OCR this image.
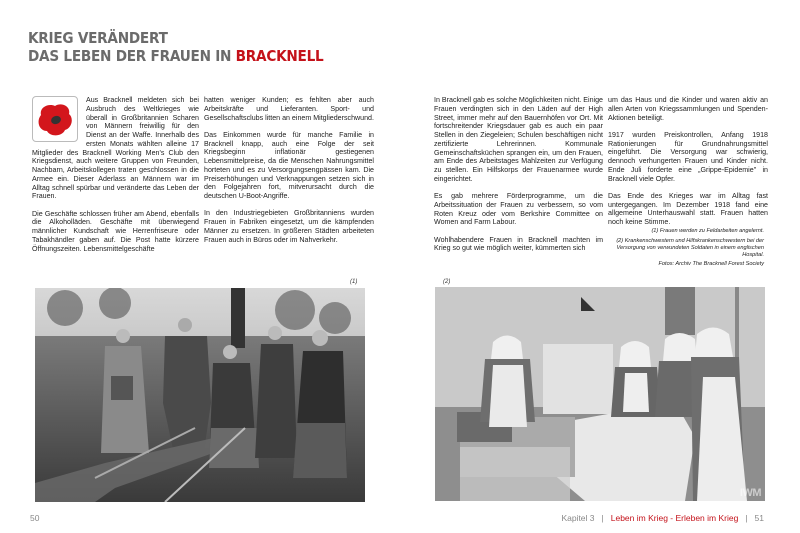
KRIEG VERÄNDERT
DAS LEBEN DER FRAUEN IN BRACKNELL

Aus Bracknell meldeten sich bei Ausbruch des Weltkrieges wie überall in Großbritannien Scharen von Männern freiwillig für den Dienst an der Waffe. Innerhalb des ersten Monats wählten alleine 17 Mitglieder des Bracknell Working Men's Club den Kriegsdienst, auch weitere Gruppen von Freunden, Nachbarn, Arbeitskollegen traten geschlossen in die Armee ein. Dieser Aderlass an Männern war im Alltag schnell spürbar und veränderte das Leben der Frauen.

Die Geschäfte schlossen früher am Abend, ebenfalls die Alkoholläden. Geschäfte mit überwiegend männlicher Kundschaft wie Herrenfriseure oder Tabakhändler gaben auf. Die Post hatte kürzere Öffnungszeiten. Lebensmittelgeschäfte

hatten weniger Kunden; es fehlten aber auch Arbeitskräfte und Lieferanten. Sport- und Gesellschaftsclubs litten an einem Mitgliederschwund.

Das Einkommen wurde für manche Familie in Bracknell knapp, auch eine Folge der seit Kriegsbeginn inflationär gestiegenen Lebensmittelpreise, da die Menschen Nahrungsmittel horteten und es zu Versorgungsengpässen kam. Die Preiserhöhungen und Verknappungen setzen sich in den Folgejahren fort, mitverursacht durch die deutschen U-Boot-Angriffe.

In den Industriegebieten Großbritanniens wurden Frauen in Fabriken eingesetzt, um die kämpfenden Männer zu ersetzen. In größeren Städten arbeiteten Frauen auch in Büros oder im Nahverkehr.

(1)
50

In Bracknell gab es solche Möglichkeiten nicht. Einige Frauen verdingten sich in den Läden auf der High Street, immer mehr auf den Bauernhöfen vor Ort. Mit fortschreitender Kriegsdauer gab es auch ein paar Stellen in den Ziegeleien; Schulen beschäftigen nicht zertifizierte Lehrerinnen. Kommunale Gemeinschaftsküchen sprangen ein, um den Frauen, am Ende des Arbeitstages Mahlzeiten zur Verfügung zu stellen. Ein Hilfskorps der Frauenarmee wurde eingerichtet.

Es gab mehrere Förderprogramme, um die Arbeitssituation der Frauen zu verbessern, so vom Roten Kreuz oder vom Berkshire Committee on Women and Farm Labour.

Wohlhabendere Frauen in Bracknell machten im Krieg so gut wie möglich weiter, kümmerten sich

um das Haus und die Kinder und waren aktiv an allen Arten von Kriegssammlungen und Spenden-Aktionen beteiligt.

1917 wurden Preiskontrollen, Anfang 1918 Rationierungen für Grundnahrungsmittel eingeführt. Die Versorgung war schwierig, dennoch verhungerten Frauen und Kinder nicht. Ende Juli forderte eine „Grippe-Epidemie" in Bracknell viele Opfer.

Das Ende des Krieges war im Alltag fast untergegangen. Im Dezember 1918 fand eine allgemeine Unterhauswahl statt. Frauen hatten noch keine Stimme.

(1) Frauen werden zu Feldarbeiten angelernt.
(2) Krankenschwestern und Hilfskrankenschwestern bei der Versorgung von verwundeten Soldaten in einem englischen Hospital.
Fotos: Archiv The Bracknell Forest Society
(2)
IWM
Kapitel 3 | Leben im Krieg - Erleben im Krieg | 51
